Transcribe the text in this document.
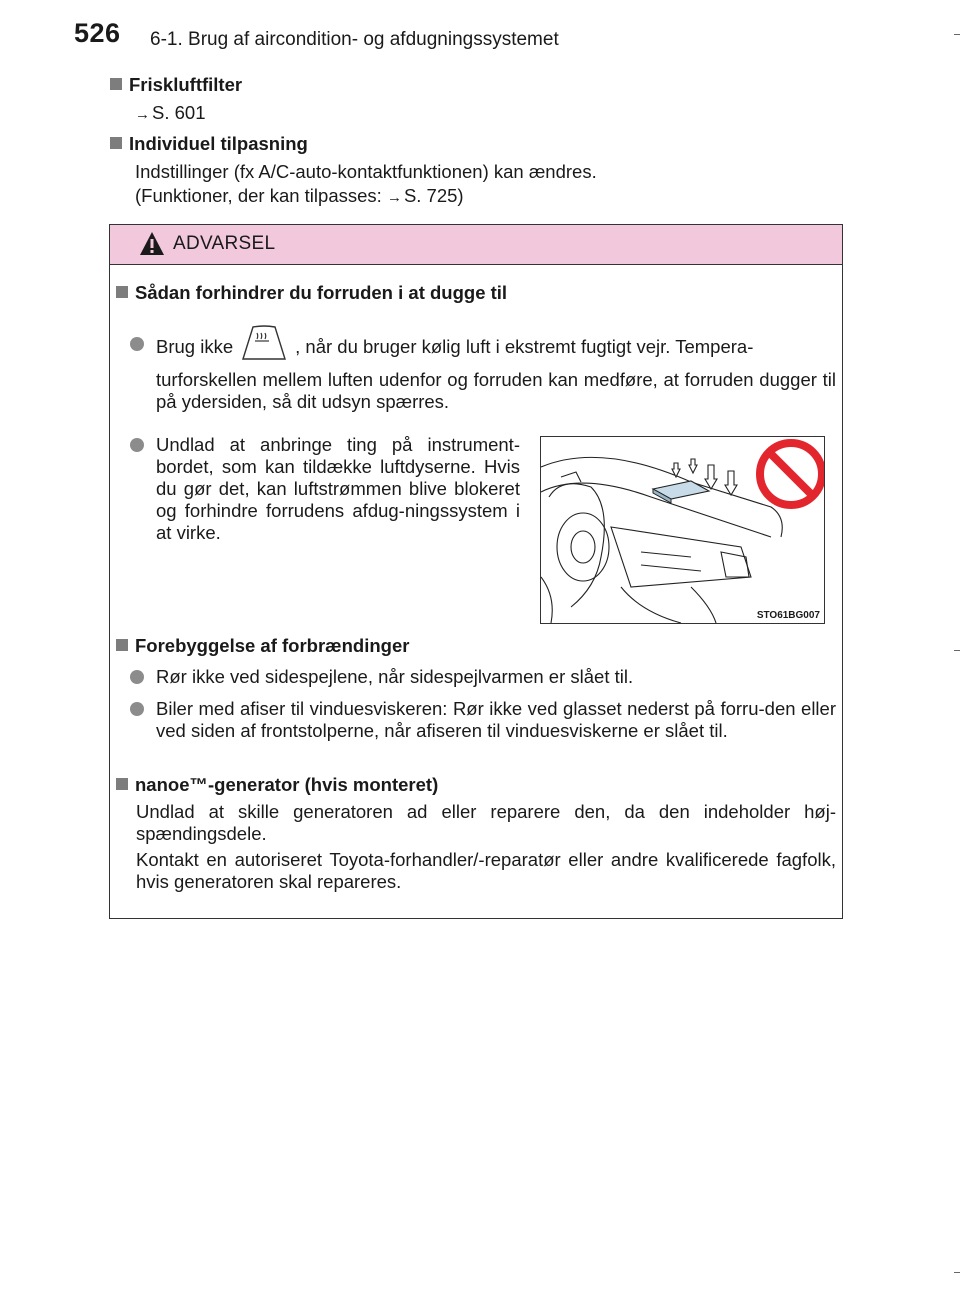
526 6-1. Brug af aircondition- og afdugningssystemet
Friskluftfilter
→ S. 601
Individuel tilpasning
Indstillinger (fx A/C-auto-kontaktfunktionen) kan ændres.
(Funktioner, der kan tilpasses: → S. 725)
ADVARSEL
Sådan forhindrer du forruden i at dugge til
Brug ikke	, når du bruger kølig luft i ekstremt fugtigt vejr. Tempera-
turforskellen mellem luften udenfor og forruden kan medføre, at forruden dugger til på ydersiden, så dit udsyn spærres.
Undlad at anbringe ting på instrument-bordet, som kan tildække luftdyserne. Hvis du gør det, kan luftstrømmen blive blokeret og forhindre forrudens afdug-ningssystem i at virke.
STO61BG007
Forebyggelse af forbrændinger
Rør ikke ved sidespejlene, når sidespejlvarmen er slået til.
Biler med afiser til vinduesviskeren: Rør ikke ved glasset nederst på forru-den eller ved siden af frontstolperne, når afiseren til vinduesviskerne er slået til.
nanoe™-generator (hvis monteret)
Undlad at skille generatoren ad eller reparere den, da den indeholder høj-spændingsdele.
Kontakt en autoriseret Toyota-forhandler/-reparatør eller andre kvalificerede fagfolk, hvis generatoren skal repareres.
